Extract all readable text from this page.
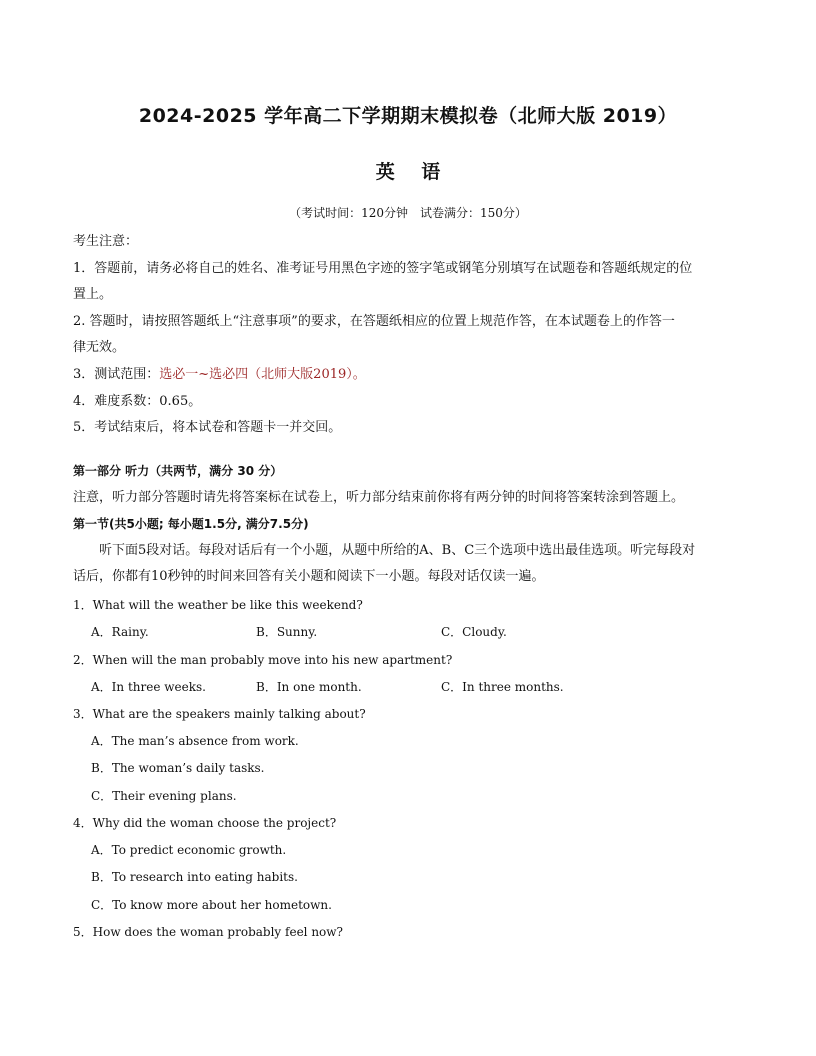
2024-2025 学年高二下学期期末模拟卷（北师大版 2019）
英 语
（考试时间：120分钟　试卷满分：150分）
考生注意：
1．答题前，请务必将自己的姓名、准考证号用黑色字迹的签字笔或钢笔分别填写在试题卷和答题纸规定的位
置上。
2. 答题时，请按照答题纸上“注意事项”的要求，在答题纸相应的位置上规范作答，在本试题卷上的作答一
律无效。
3．测试范围：选必一~选必四（北师大版2019）。
4．难度系数：0.65。
5．考试结束后，将本试卷和答题卡一并交回。
第一部分 听力（共两节，满分 30 分）
注意，听力部分答题时请先将答案标在试卷上，听力部分结束前你将有两分钟的时间将答案转涂到答题上。
第一节(共5小题; 每小题1.5分, 满分7.5分)
听下面5段对话。每段对话后有一个小题，从题中所给的A、B、C三个选项中选出最佳选项。听完每段对
话后，你都有10秒钟的时间来回答有关小题和阅读下一小题。每段对话仅读一遍。
1．What will the weather be like this weekend?
A．Rainy.	B．Sunny.	C．Cloudy.
2．When will the man probably move into his new apartment?
A．In three weeks.	B．In one month.	C．In three months.
3．What are the speakers mainly talking about?
A．The man’s absence from work.
B．The woman’s daily tasks.
C．Their evening plans.
4．Why did the woman choose the project?
A．To predict economic growth.
B．To research into eating habits.
C．To know more about her hometown.
5．How does the woman probably feel now?
